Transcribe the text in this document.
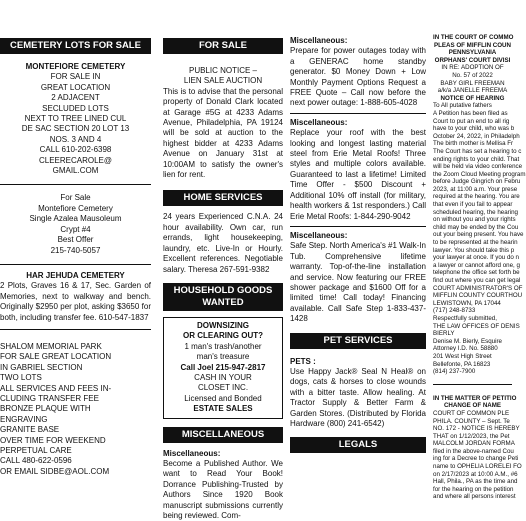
CEMETERY LOTS FOR SALE

MONTEFIORE CEMETERY

FOR SALE IN

GREAT LOCATION

2 ADJACENT

SECLUDED LOTS

NEXT TO TREE LINED CUL

DE SAC SECTION 20 LOT 13

NOS. 3 AND 4

CALL 610-202-6398

CLEERECAROLE@

GMAIL.COM

For Sale

Montefiore Cemetery

Single Azalea Mausoleum

Crypt #4

Best Offer

215-740-5057

HAR JEHUDA CEMETERY

2 Plots, Graves 16 & 17, Sec. Garden of Memories, next to walkway and bench. Originally $2950 per plot, asking $3650 for both, including transfer fee. 610-547-1837

SHALOM MEMORIAL PARK

FOR SALE GREAT LOCATION

IN GABRIEL SECTION

TWO LOTS

ALL SERVICES AND FEES IN-

CLUDING TRANSFER FEE

BRONZE PLAQUE WITH

ENGRAVING

GRANITE BASE

OVER TIME FOR WEEKEND

PERPETUAL CARE

CALL 480-622-0596

OR EMAIL SIDBE@AOL.COM

FOR SALE

PUBLIC NOTICE –

LIEN SALE AUCTION

This is to advise that the personal property of Donald Clark located at Garage #5G at 4233 Adams Avenue, Philadelphia, PA 19124 will be sold at auction to the highest bidder at 4233 Adams Avenue on January 31st at 10:00AM to satisfy the owner's lien for rent.

HOME SERVICES

24 years Experienced C.N.A. 24 hour availability. Own car, run errands, light housekeeping, laundry, etc. Live-In or Hourly. Excellent references. Negotiable salary. Theresa 267-591-9382

HOUSEHOLD GOODS WANTED

DOWNSIZING

OR CLEARING OUT?

1 man's trash/another

man's treasure

Call Joel 215-947-2817

CASH IN YOUR

CLOSET INC.

Licensed and Bonded

ESTATE SALES

MISCELLANEOUS

Miscellaneous:

Become a Published Author. We want to Read Your Book! Dorrance Publishing-Trusted by Authors Since 1920 Book manuscript submissions currently being reviewed. Com-

Miscellaneous:

Prepare for power outages today with a GENERAC home standby generator. $0 Money Down + Low Monthly Payment Options Request a FREE Quote – Call now before the next power outage: 1-888-605-4028

Miscellaneous:

Replace your roof with the best looking and longest lasting material steel from Erie Metal Roofs! Three styles and multiple colors available. Guaranteed to last a lifetime! Limited Time Offer - $500 Discount + Additional 10% off install (for military, health workers & 1st responders.) Call Erie Metal Roofs: 1-844-290-9042

Miscellaneous:

Safe Step. North America's #1 Walk-In Tub. Comprehensive lifetime warranty. Top-of-the-line installation and service. Now featuring our FREE shower package and $1600 Off for a limited time! Call today! Financing available. Call Safe Step 1-833-437-1428

PET SERVICES

PETS :

Use Happy Jack® Seal N Heal® on dogs, cats & horses to close wounds with a bitter taste. Allow healing. At Tractor Supply & Better Farm & Garden Stores. (Distributed by Florida Hardware (800) 241-6542)

LEGALS

IN THE COURT OF COMMO

PLEAS OF MIFFLIN COUN

PENNSYLVANIA

ORPHANS' COURT DIVISI

IN RE: ADOPTION OF

No. 57 of 2022

BABY GIRL FREEMAN

a/k/a JANELLE FREEMA

NOTICE OF HEARING

To All putative fathers

A Petition has been filed as

Court to put an end to all rig

have to your child, who was b

October 24, 2022, in Philadelph

The birth mother is Mellisa Fr

The Court has set a hearing to c

ending rights to your child. That

will be held via video conference

the Zoom Cloud Meeting program

before Judge Gingrich on Febru

2023, at 11:00 a.m. Your prese

required at the hearing. You are

that even if you fail to appear

scheduled hearing, the hearing

on without you and your rights

child may be ended by the Cou

out your being present. You have

to be represented at the hearin

lawyer. You should take this p

your lawyer at once. If you do n

a lawyer or cannot afford one, g

telephone the office set forth be

find out where you can get legal

COURT ADMINISTRATOR'S OF

MIFFLIN COUNTY COURTHOU

LEWISTOWN, PA 17044

(717) 248-8733

Respectfully submitted,

THE LAW OFFICES OF DENIS

BIERLY

Denise M. Bierly, Esquire

Attorney I.D. No. 58880

201 West High Street

Bellefonte, PA 16823

(814) 237-7900

IN THE MATTER OF PETITIO

CHANGE OF NAME

COURT OF COMMON PLE

PHILA. COUNTY – Sept. Te

NO. 172 - NOTICE IS HEREBY

THAT on 1/12/2023, the Pet

MALCOLM JORDAN FORMA

filed in the above-named Cou

ing for a Decree to change Peti

name to OPHELIA LORELEI FO

on 2/17/2023 at 10:00 A.M., #6

Hall, Phila., PA as the time and

for the hearing on the petition

and where all persons interest
